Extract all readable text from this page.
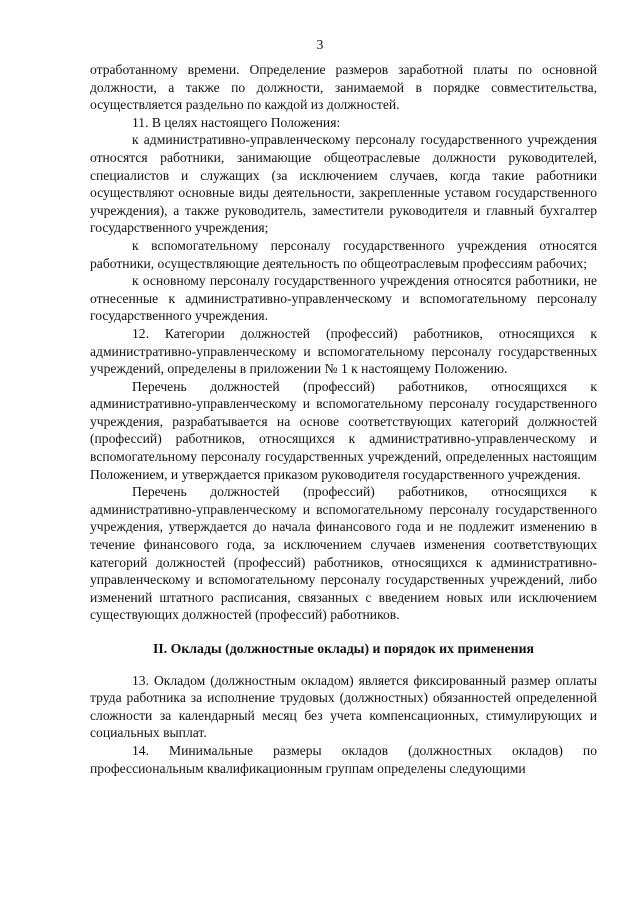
3

отработанному времени. Определение размеров заработной платы по основной должности, а также по должности, занимаемой в порядке совместительства, осуществляется раздельно по каждой из должностей.

11. В целях настоящего Положения:

к административно-управленческому персоналу государственного учреждения относятся работники, занимающие общеотраслевые должности руководителей, специалистов и служащих (за исключением случаев, когда такие работники осуществляют основные виды деятельности, закрепленные уставом государственного учреждения), а также руководитель, заместители руководителя и главный бухгалтер государственного учреждения;

к вспомогательному персоналу государственного учреждения относятся работники, осуществляющие деятельность по общеотраслевым профессиям рабочих;

к основному персоналу государственного учреждения относятся работники, не отнесенные к административно-управленческому и вспомогательному персоналу государственного учреждения.

12. Категории должностей (профессий) работников, относящихся к административно-управленческому и вспомогательному персоналу государственных учреждений, определены в приложении № 1 к настоящему Положению.

Перечень должностей (профессий) работников, относящихся к административно-управленческому и вспомогательному персоналу государственного учреждения, разрабатывается на основе соответствующих категорий должностей (профессий) работников, относящихся к административно-управленческому и вспомогательному персоналу государственных учреждений, определенных настоящим Положением, и утверждается приказом руководителя государственного учреждения.

Перечень должностей (профессий) работников, относящихся к административно-управленческому и вспомогательному персоналу государственного учреждения, утверждается до начала финансового года и не подлежит изменению в течение финансового года, за исключением случаев изменения соответствующих категорий должностей (профессий) работников, относящихся к административно-управленческому и вспомогательному персоналу государственных учреждений, либо изменений штатного расписания, связанных с введением новых или исключением существующих должностей (профессий) работников.

II. Оклады (должностные оклады) и порядок их применения

13. Окладом (должностным окладом) является фиксированный размер оплаты труда работника за исполнение трудовых (должностных) обязанностей определенной сложности за календарный месяц без учета компенсационных, стимулирующих и социальных выплат.

14. Минимальные размеры окладов (должностных окладов) по профессиональным квалификационным группам определены следующими
